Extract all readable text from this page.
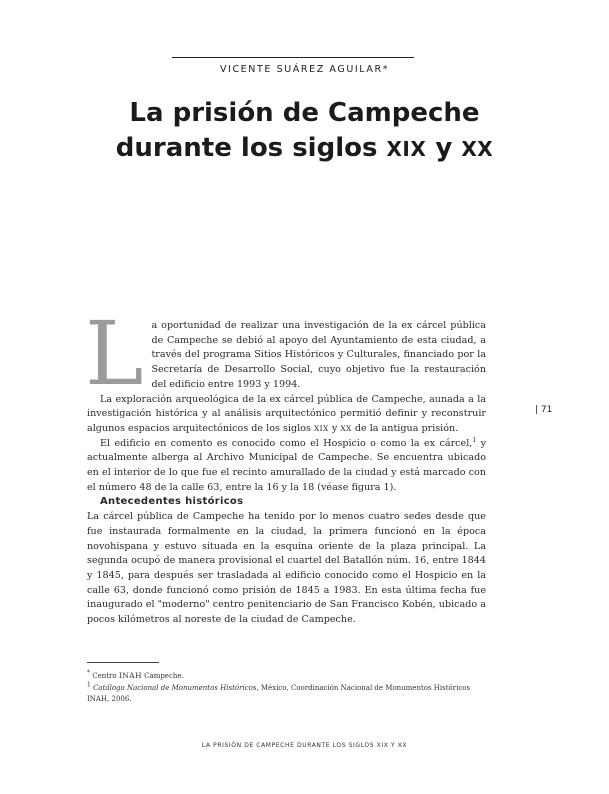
VICENTE SUÁREZ AGUILAR*
La prisión de Campeche
durante los siglos XIX y XX
| 71

La oportunidad de realizar una investigación de la ex cárcel pública de Campeche se debió al apoyo del Ayuntamiento de esta ciudad, a través del programa Sitios Históricos y Culturales, financiado por la Secretaría de Desarrollo Social, cuyo objetivo fue la restauración del edificio entre 1993 y 1994.

La exploración arqueológica de la ex cárcel pública de Campeche, aunada a la investigación histórica y al análisis arquitectónico permitió definir y reconstruir algunos espacios arquitectónicos de los siglos XIX y XX de la antigua prisión.

El edificio en comento es conocido como el Hospicio o como la ex cárcel,$^1$ y actualmente alberga al Archivo Municipal de Campeche. Se encuentra ubicado en el interior de lo que fue el recinto amurallado de la ciudad y está marcado con el número 48 de la calle 63, entre la 16 y la 18 (véase figura 1).

Antecedentes históricos

La cárcel pública de Campeche ha tenido por lo menos cuatro sedes desde que fue instaurada formalmente en la ciudad, la primera funcionó en la época novohispana y estuvo situada en la esquina oriente de la plaza principal. La segunda ocupó de manera provisional el cuartel del Batallón núm. 16, entre 1844 y 1845, para después ser trasladada al edificio conocido como el Hospicio en la calle 63, donde funcionó como prisión de 1845 a 1983. En esta última fecha fue inaugurado el "moderno" centro penitenciario de San Francisco Kobén, ubicado a pocos kilómetros al noreste de la ciudad de Campeche.

* Centro INAH Campeche.

$^1$ Catálogo Nacional de Monumentos Históricos, México, Coordinación Nacional de Monumentos Históricos
INAH, 2006.

LA PRISIÓN DE CAMPECHE DURANTE LOS SIGLOS XIX Y XX
